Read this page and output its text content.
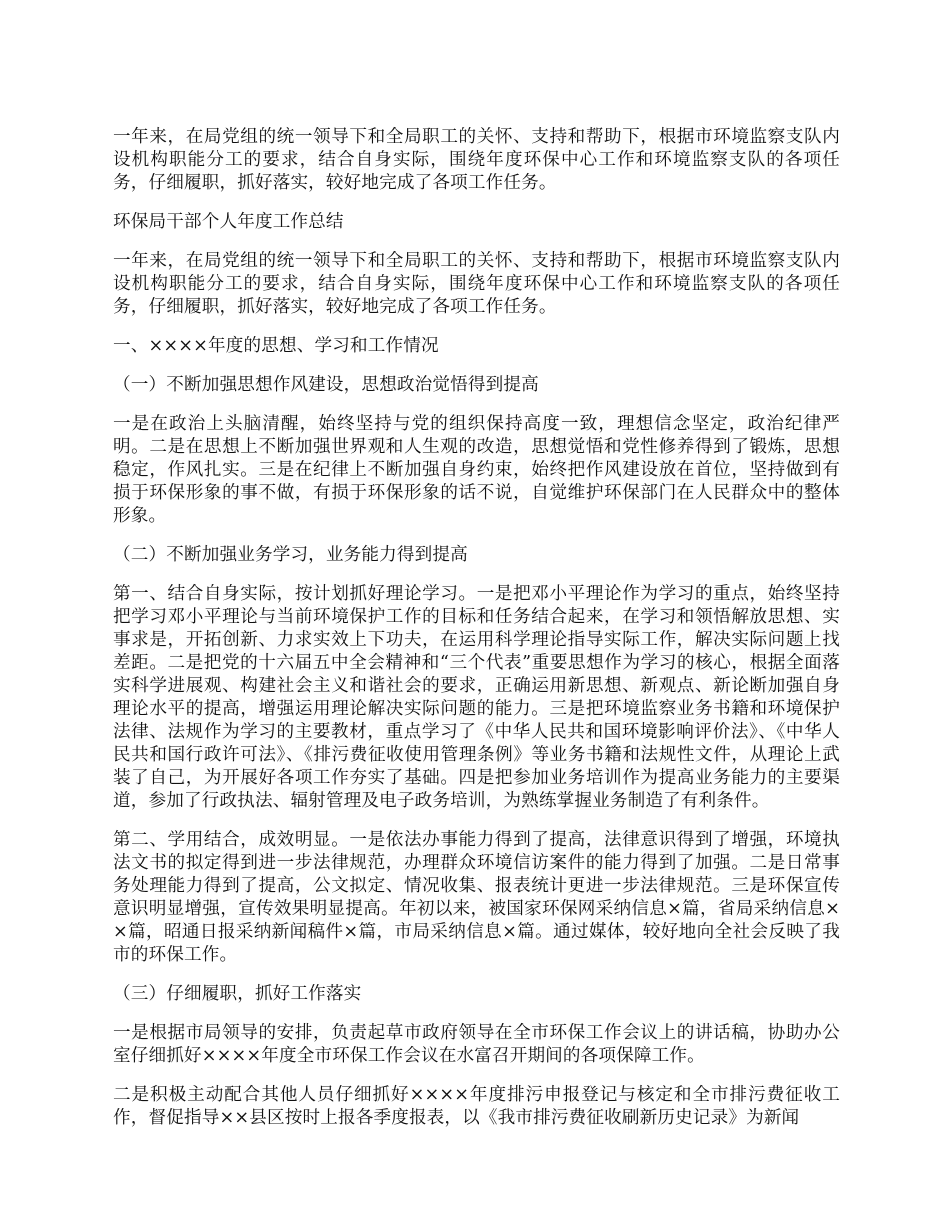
一年来，在局党组的统一领导下和全局职工的关怀、支持和帮助下，根据市环境监察支队内设机构职能分工的要求，结合自身实际，围绕年度环保中心工作和环境监察支队的各项任务，仔细履职，抓好落实，较好地完成了各项工作任务。

环保局干部个人年度工作总结

一年来，在局党组的统一领导下和全局职工的关怀、支持和帮助下，根据市环境监察支队内设机构职能分工的要求，结合自身实际，围绕年度环保中心工作和环境监察支队的各项任务，仔细履职，抓好落实，较好地完成了各项工作任务。

一、××××年度的思想、学习和工作情况

（一）不断加强思想作风建设，思想政治觉悟得到提高

一是在政治上头脑清醒，始终坚持与党的组织保持高度一致，理想信念坚定，政治纪律严明。二是在思想上不断加强世界观和人生观的改造，思想觉悟和党性修养得到了锻炼，思想稳定，作风扎实。三是在纪律上不断加强自身约束，始终把作风建设放在首位，坚持做到有损于环保形象的事不做，有损于环保形象的话不说，自觉维护环保部门在人民群众中的整体形象。

（二）不断加强业务学习，业务能力得到提高

第一、结合自身实际，按计划抓好理论学习。一是把邓小平理论作为学习的重点，始终坚持把学习邓小平理论与当前环境保护工作的目标和任务结合起来，在学习和领悟解放思想、实事求是，开拓创新、力求实效上下功夫，在运用科学理论指导实际工作，解决实际问题上找差距。二是把党的十六届五中全会精神和“三个代表”重要思想作为学习的核心，根据全面落实科学进展观、构建社会主义和谐社会的要求，正确运用新思想、新观点、新论断加强自身理论水平的提高，增强运用理论解决实际问题的能力。三是把环境监察业务书籍和环境保护法律、法规作为学习的主要教材，重点学习了《中华人民共和国环境影响评价法》、《中华人民共和国行政许可法》、《排污费征收使用管理条例》等业务书籍和法规性文件，从理论上武装了自己，为开展好各项工作夯实了基础。四是把参加业务培训作为提高业务能力的主要渠道，参加了行政执法、辐射管理及电子政务培训，为熟练掌握业务制造了有利条件。

第二、学用结合，成效明显。一是依法办事能力得到了提高，法律意识得到了增强，环境执法文书的拟定得到进一步法律规范，办理群众环境信访案件的能力得到了加强。二是日常事务处理能力得到了提高，公文拟定、情况收集、报表统计更进一步法律规范。三是环保宣传意识明显增强，宣传效果明显提高。年初以来，被国家环保网采纳信息×篇，省局采纳信息××篇，昭通日报采纳新闻稿件×篇，市局采纳信息×篇。通过媒体，较好地向全社会反映了我市的环保工作。

（三）仔细履职，抓好工作落实

一是根据市局领导的安排，负责起草市政府领导在全市环保工作会议上的讲话稿，协助办公室仔细抓好××××年度全市环保工作会议在水富召开期间的各项保障工作。

二是积极主动配合其他人员仔细抓好××××年度排污申报登记与核定和全市排污费征收工作，督促指导××县区按时上报各季度报表，以《我市排污费征收刷新历史记录》为新闻
